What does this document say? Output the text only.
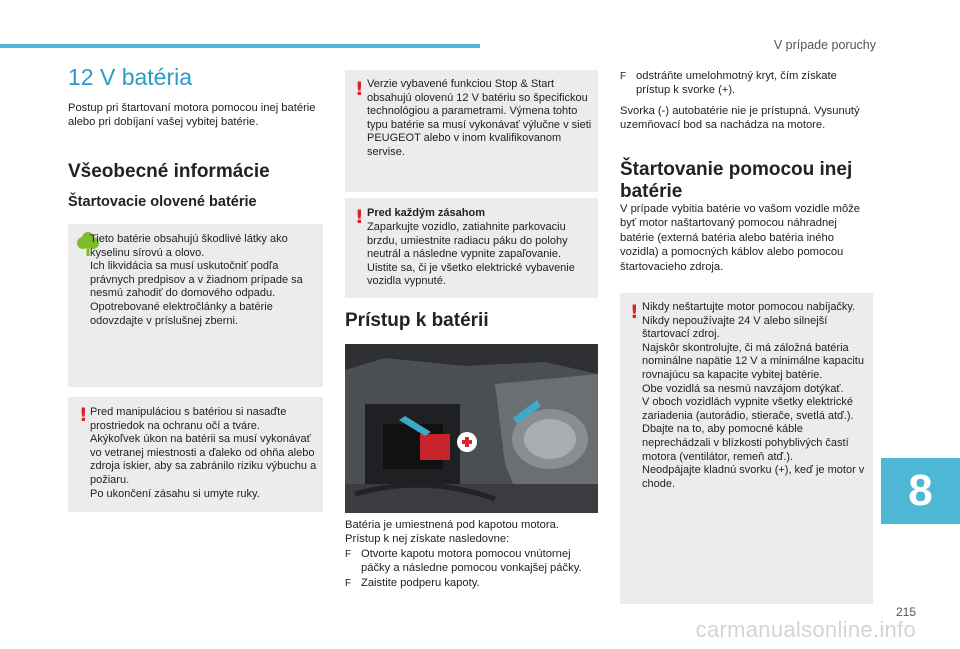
V prípade poruchy
12 V batéria
Postup pri štartovaní motora pomocou inej batérie alebo pri dobíjaní vašej vybitej batérie.
Všeobecné informácie
Štartovacie olovené batérie
Tieto batérie obsahujú škodlivé látky ako kyselinu sírovú a olovo.
Ich likvidácia sa musí uskutočniť podľa právnych predpisov a v žiadnom prípade sa nesmú zahodiť do domového odpadu.
Opotrebované elektročlánky a batérie odovzdajte v príslušnej zberni.
! Pred manipuláciou s batériou si nasaďte prostriedok na ochranu očí a tváre.
Akýkoľvek úkon na batérii sa musí vykonávať vo vetranej miestnosti a ďaleko od ohňa alebo zdroja iskier, aby sa zabránilo riziku výbuchu a požiaru.
Po ukončení zásahu si umyte ruky.
! Verzie vybavené funkciou Stop & Start obsahujú olovenú 12 V batériu so špecifickou technológiou a parametrami. Výmena tohto typu batérie sa musí vykonávať výlučne v sieti PEUGEOT alebo v inom kvalifikovanom servise.
! Pred každým zásahom
Zaparkujte vozidlo, zatiahnite parkovaciu brzdu, umiestnite radiacu páku do polohy neutrál a následne vypnite zapaľovanie.
Uistite sa, či je všetko elektrické vybavenie vozidla vypnuté.
Prístup k batérii
Batéria je umiestnená pod kapotou motora.
Prístup k nej získate nasledovne:
F Otvorte kapotu motora pomocou vnútornej páčky a následne pomocou vonkajšej páčky.
F Zaistite podperu kapoty.
F odstráňte umelohmotný kryt, čím získate prístup k svorke (+).
Svorka (-) autobatérie nie je prístupná. Vysunutý uzemňovací bod sa nachádza na motore.
Štartovanie pomocou inej batérie
V prípade vybitia batérie vo vašom vozidle môže byť motor naštartovaný pomocou náhradnej batérie (externá batéria alebo batéria iného vozidla) a pomocných káblov alebo pomocou štartovacieho zdroja.
! Nikdy neštartujte motor pomocou nabíjačky.
Nikdy nepoužívajte 24 V alebo silnejší štartovací zdroj.
Najskôr skontrolujte, či má záložná batéria nominálne napätie 12 V a minimálne kapacitu rovnajúcu sa kapacite vybitej batérie.
Obe vozidlá sa nesmú navzájom dotýkať.
V oboch vozidlách vypnite všetky elektrické zariadenia (autorádio, stierače, svetlá atď.).
Dbajte na to, aby pomocné káble neprechádzali v blízkosti pohyblivých častí motora (ventilátor, remeň atď.).
Neodpájajte kladnú svorku (+), keď je motor v chode.	8
215
carmanualsonline.info
